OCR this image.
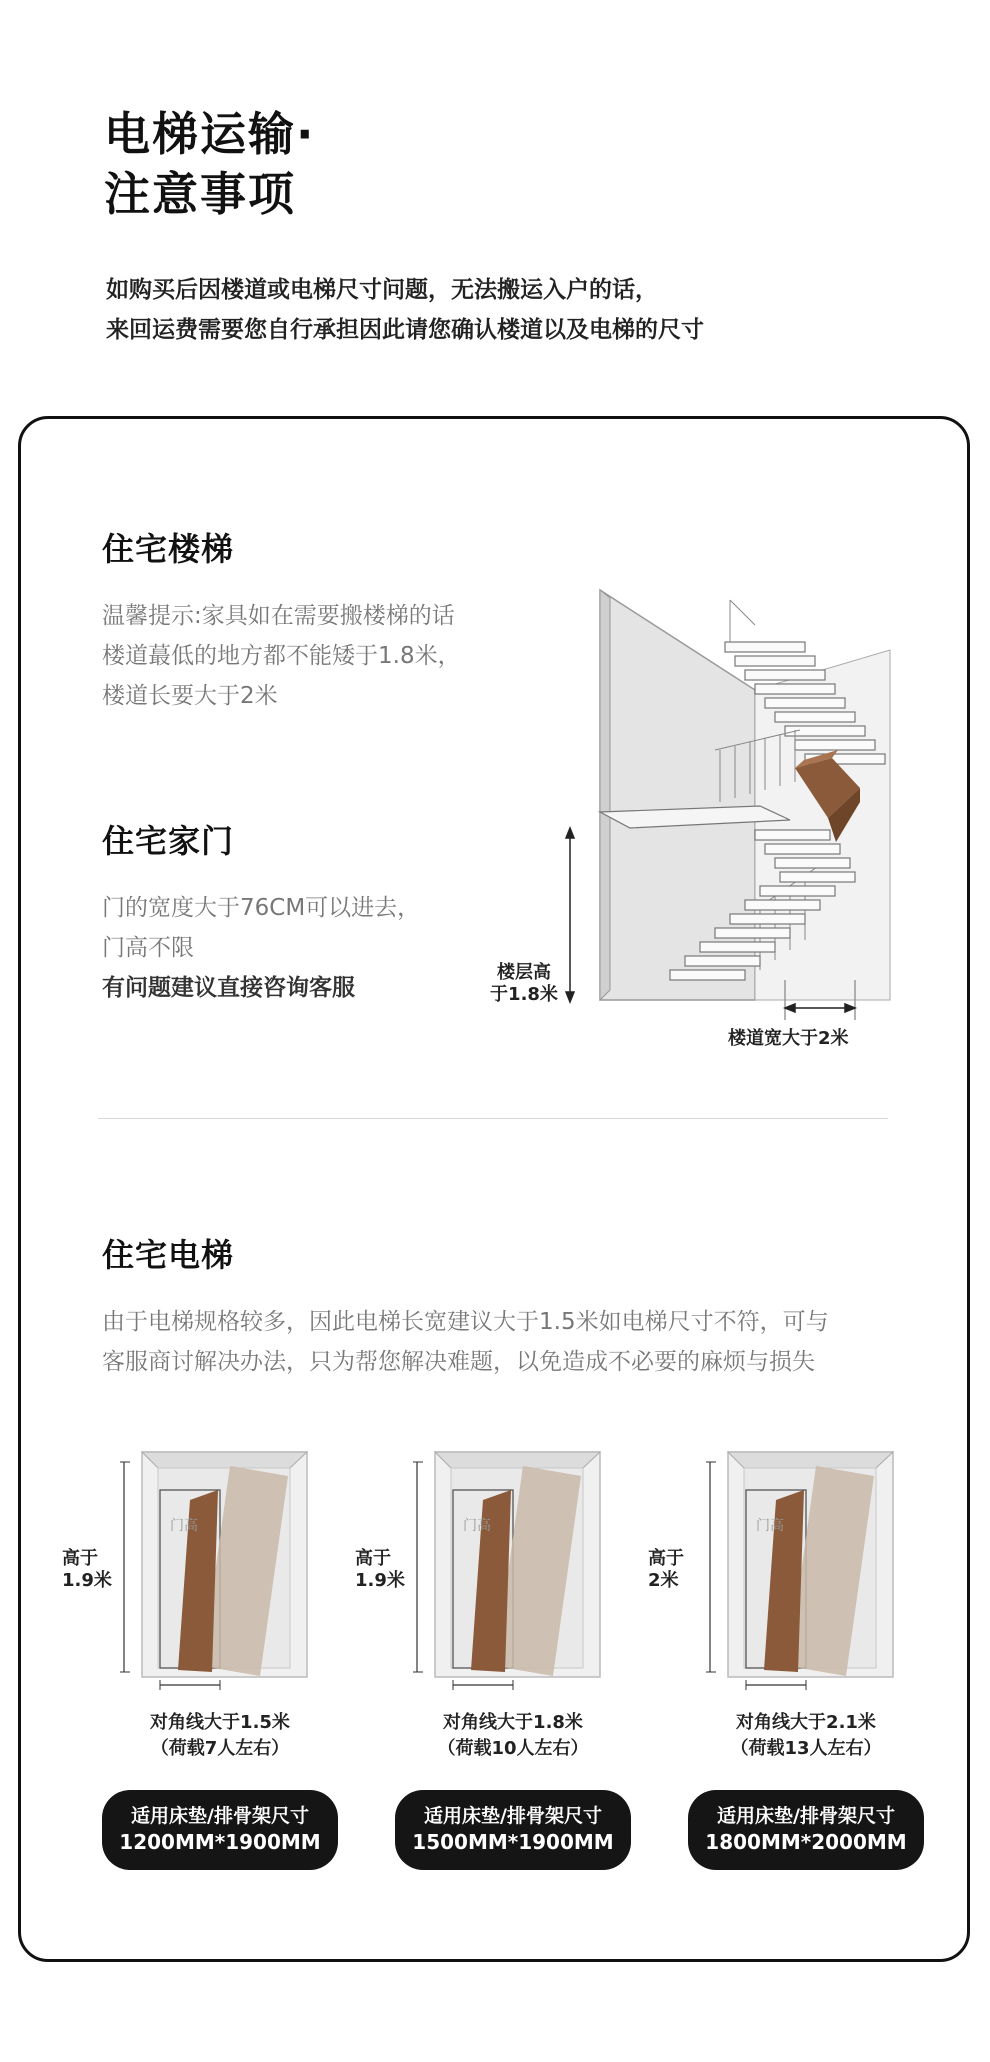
电梯运输·
注意事项
如购买后因楼道或电梯尺寸问题，无法搬运入户的话，
来回运费需要您自行承担因此请您确认楼道以及电梯的尺寸
住宅楼梯
温馨提示:家具如在需要搬楼梯的话
楼道蕞低的地方都不能矮于1.8米，
楼道长要大于2米
住宅家门
门的宽度大于76CM可以进去，
门高不限
有问题建议直接咨询客服
楼层高
于1.8米
楼道宽大于2米
住宅电梯
由于电梯规格较多，因此电梯长宽建议大于1.5米如电梯尺寸不符，可与
客服商讨解决办法，只为帮您解决难题，以免造成不必要的麻烦与损失
高于
1.9米
门高
对角线大于1.5米
（荷载7人左右）
适用床垫/排骨架尺寸
1200MM*1900MM
高于
1.9米
门高
对角线大于1.8米
（荷载10人左右）
适用床垫/排骨架尺寸
1500MM*1900MM
高于
2米
门高
对角线大于2.1米
（荷载13人左右）
适用床垫/排骨架尺寸
1800MM*2000MM
